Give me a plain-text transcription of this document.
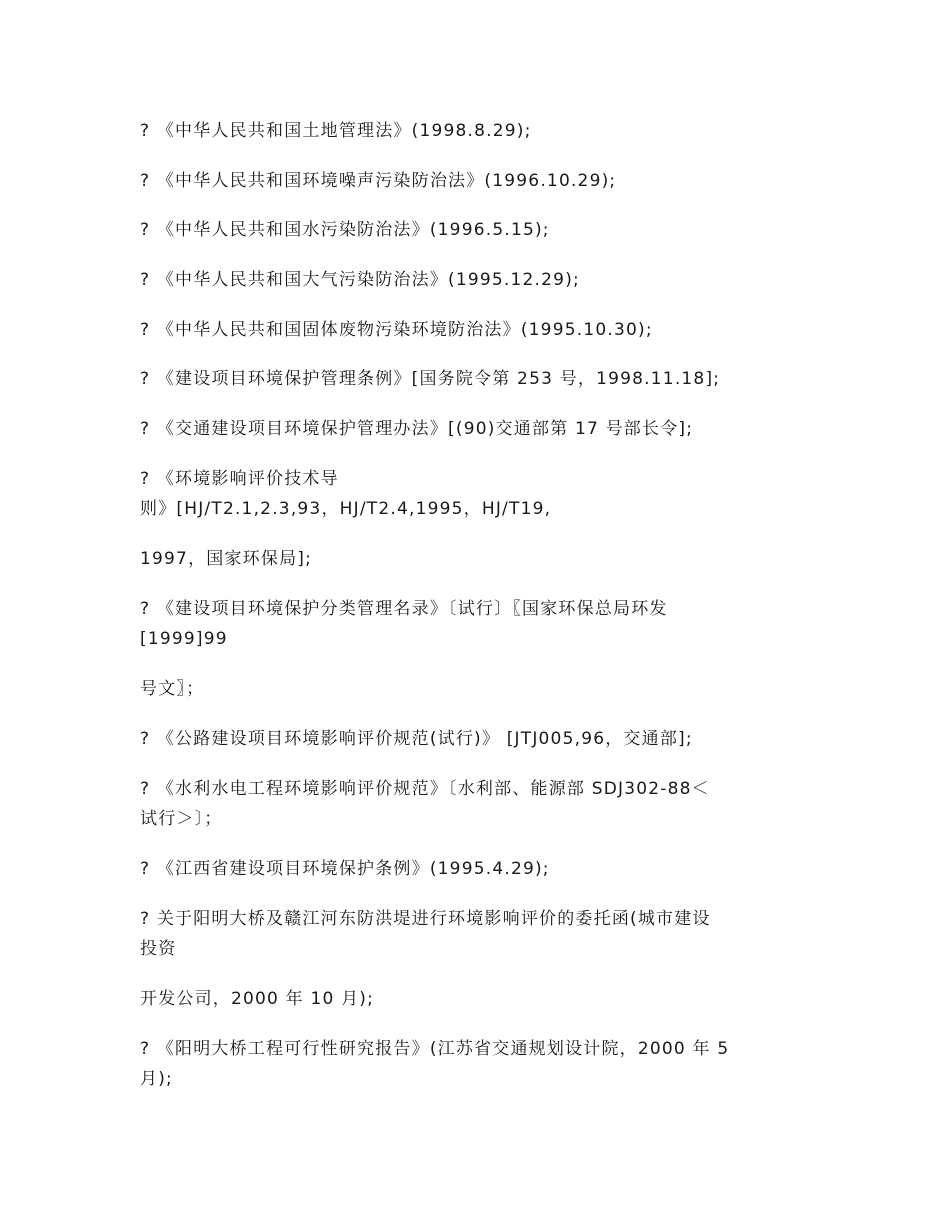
? 《中华人民共和国土地管理法》(1998.8.29);
? 《中华人民共和国环境噪声污染防治法》(1996.10.29);
? 《中华人民共和国水污染防治法》(1996.5.15);
? 《中华人民共和国大气污染防治法》(1995.12.29);
? 《中华人民共和国固体废物污染环境防治法》(1995.10.30);
? 《建设项目环境保护管理条例》[国务院令第 253 号，1998.11.18];
? 《交通建设项目环境保护管理办法》[(90)交通部第 17 号部长令];
? 《环境影响评价技术导
则》[HJ/T2.1,2.3,93，HJ/T2.4,1995，HJ/T19,
1997，国家环保局];
? 《建设项目环境保护分类管理名录》〔试行〕〖国家环保总局环发
[1999]99
号文〗；
? 《公路建设项目环境影响评价规范(试行)》 [JTJ005,96，交通部];
? 《水利水电工程环境影响评价规范》〔水利部、能源部 SDJ302-88＜
试行＞〕；
? 《江西省建设项目环境保护条例》(1995.4.29);
? 关于阳明大桥及赣江河东防洪堤进行环境影响评价的委托函(城市建设
投资
开发公司，2000 年 10 月);
? 《阳明大桥工程可行性研究报告》(江苏省交通规划设计院，2000 年 5
月);
